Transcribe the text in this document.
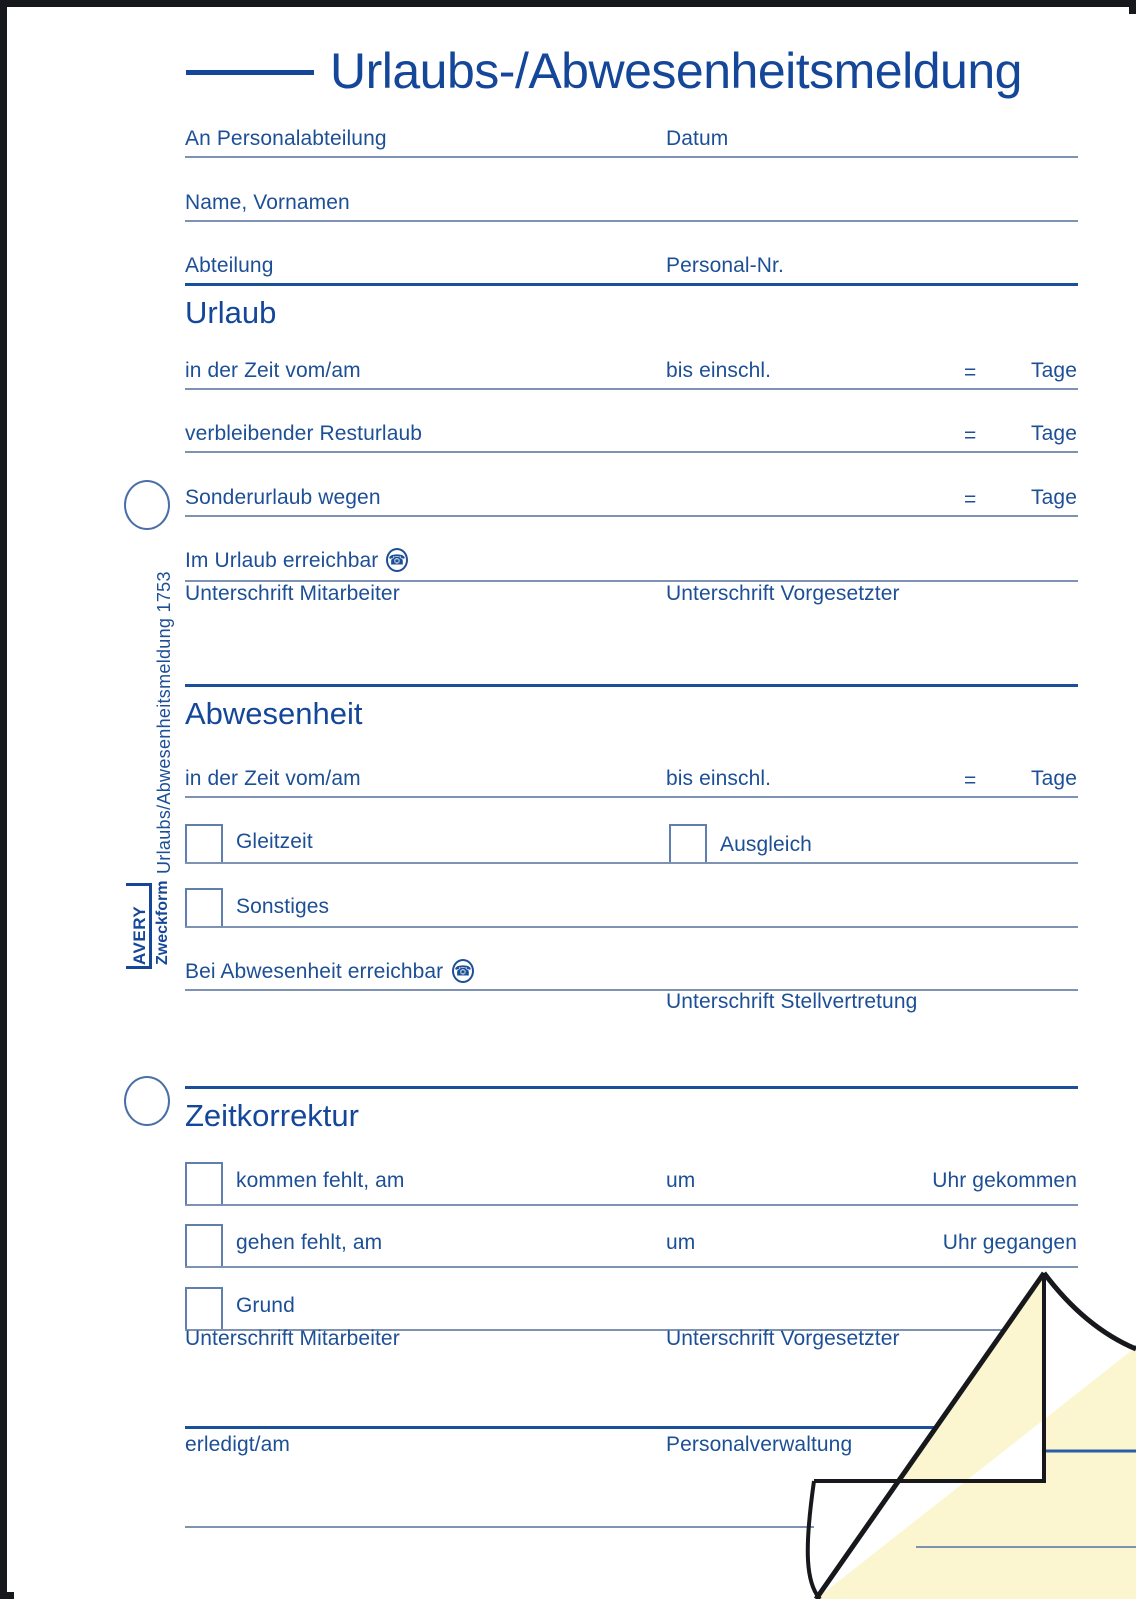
Urlaubs-/Abwesenheitsmeldung
An Personalabteilung	Datum
Name, Vornamen
Abteilung	Personal-Nr.
Urlaub
in der Zeit vom/am	bis einschl.	=	Tage
verbleibender Resturlaub	=	Tage
Sonderurlaub wegen	=	Tage
Im Urlaub erreichbar
☎
Unterschrift Mitarbeiter	Unterschrift Vorgesetzter
Abwesenheit
in der Zeit vom/am	bis einschl.	=	Tage
Gleitzeit	Ausgleich
Sonstiges
Bei Abwesenheit erreichbar
☎
Unterschrift Stellvertretung
Zeitkorrektur
kommen fehlt, am	um	Uhr gekommen
gehen fehlt, am	um	Uhr gegangen
Grund
Unterschrift Mitarbeiter	Unterschrift Vorgesetzter
erledigt/am	Personalverwaltung
Urlaubs/Abwesenheitsmeldung 1753
AVERY Zweckform
